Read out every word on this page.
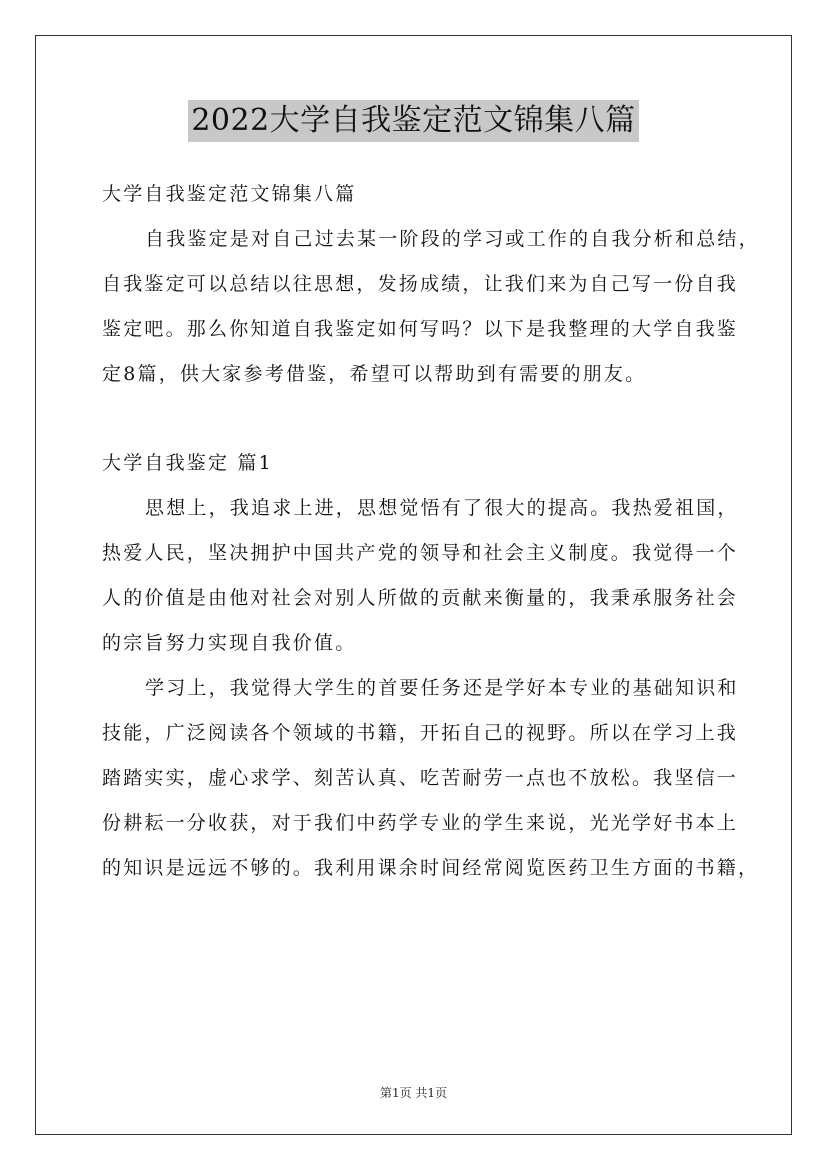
2022大学自我鉴定范文锦集八篇
大学自我鉴定范文锦集八篇
自我鉴定是对自己过去某一阶段的学习或工作的自我分析和总结，
自我鉴定可以总结以往思想，发扬成绩，让我们来为自己写一份自我
鉴定吧。那么你知道自我鉴定如何写吗？以下是我整理的大学自我鉴
定8篇，供大家参考借鉴，希望可以帮助到有需要的朋友。
大学自我鉴定 篇1
思想上，我追求上进，思想觉悟有了很大的提高。我热爱祖国，
热爱人民，坚决拥护中国共产党的领导和社会主义制度。我觉得一个
人的价值是由他对社会对别人所做的贡献来衡量的，我秉承服务社会
的宗旨努力实现自我价值。
学习上，我觉得大学生的首要任务还是学好本专业的基础知识和
技能，广泛阅读各个领域的书籍，开拓自己的视野。所以在学习上我
踏踏实实，虚心求学、刻苦认真、吃苦耐劳一点也不放松。我坚信一
份耕耘一分收获，对于我们中药学专业的学生来说，光光学好书本上
的知识是远远不够的。我利用课余时间经常阅览医药卫生方面的书籍，
第1页 共1页
